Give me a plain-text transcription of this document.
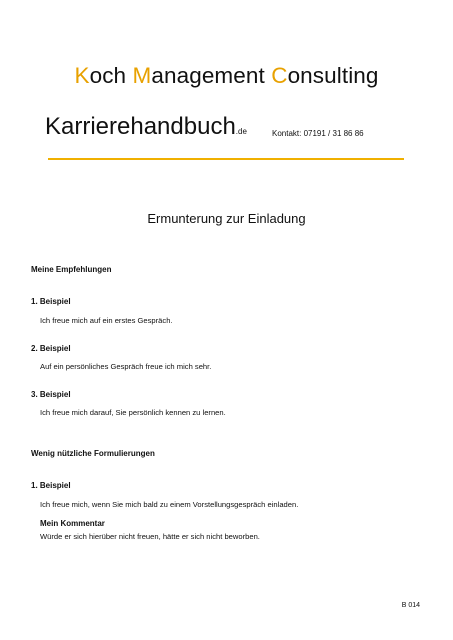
Koch Management Consulting
Karrierehandbuch.de	Kontakt: 07191 / 31 86 86
Ermunterung zur Einladung
Meine Empfehlungen
1. Beispiel
Ich freue mich auf ein erstes Gespräch.
2. Beispiel
Auf ein persönliches Gespräch freue ich mich sehr.
3. Beispiel
Ich freue mich darauf, Sie persönlich kennen zu lernen.
Wenig nützliche Formulierungen
1. Beispiel
Ich freue mich, wenn Sie mich bald zu einem Vorstellungsgespräch einladen.
Mein Kommentar
Würde er sich hierüber nicht freuen, hätte er sich nicht beworben.
B 014
